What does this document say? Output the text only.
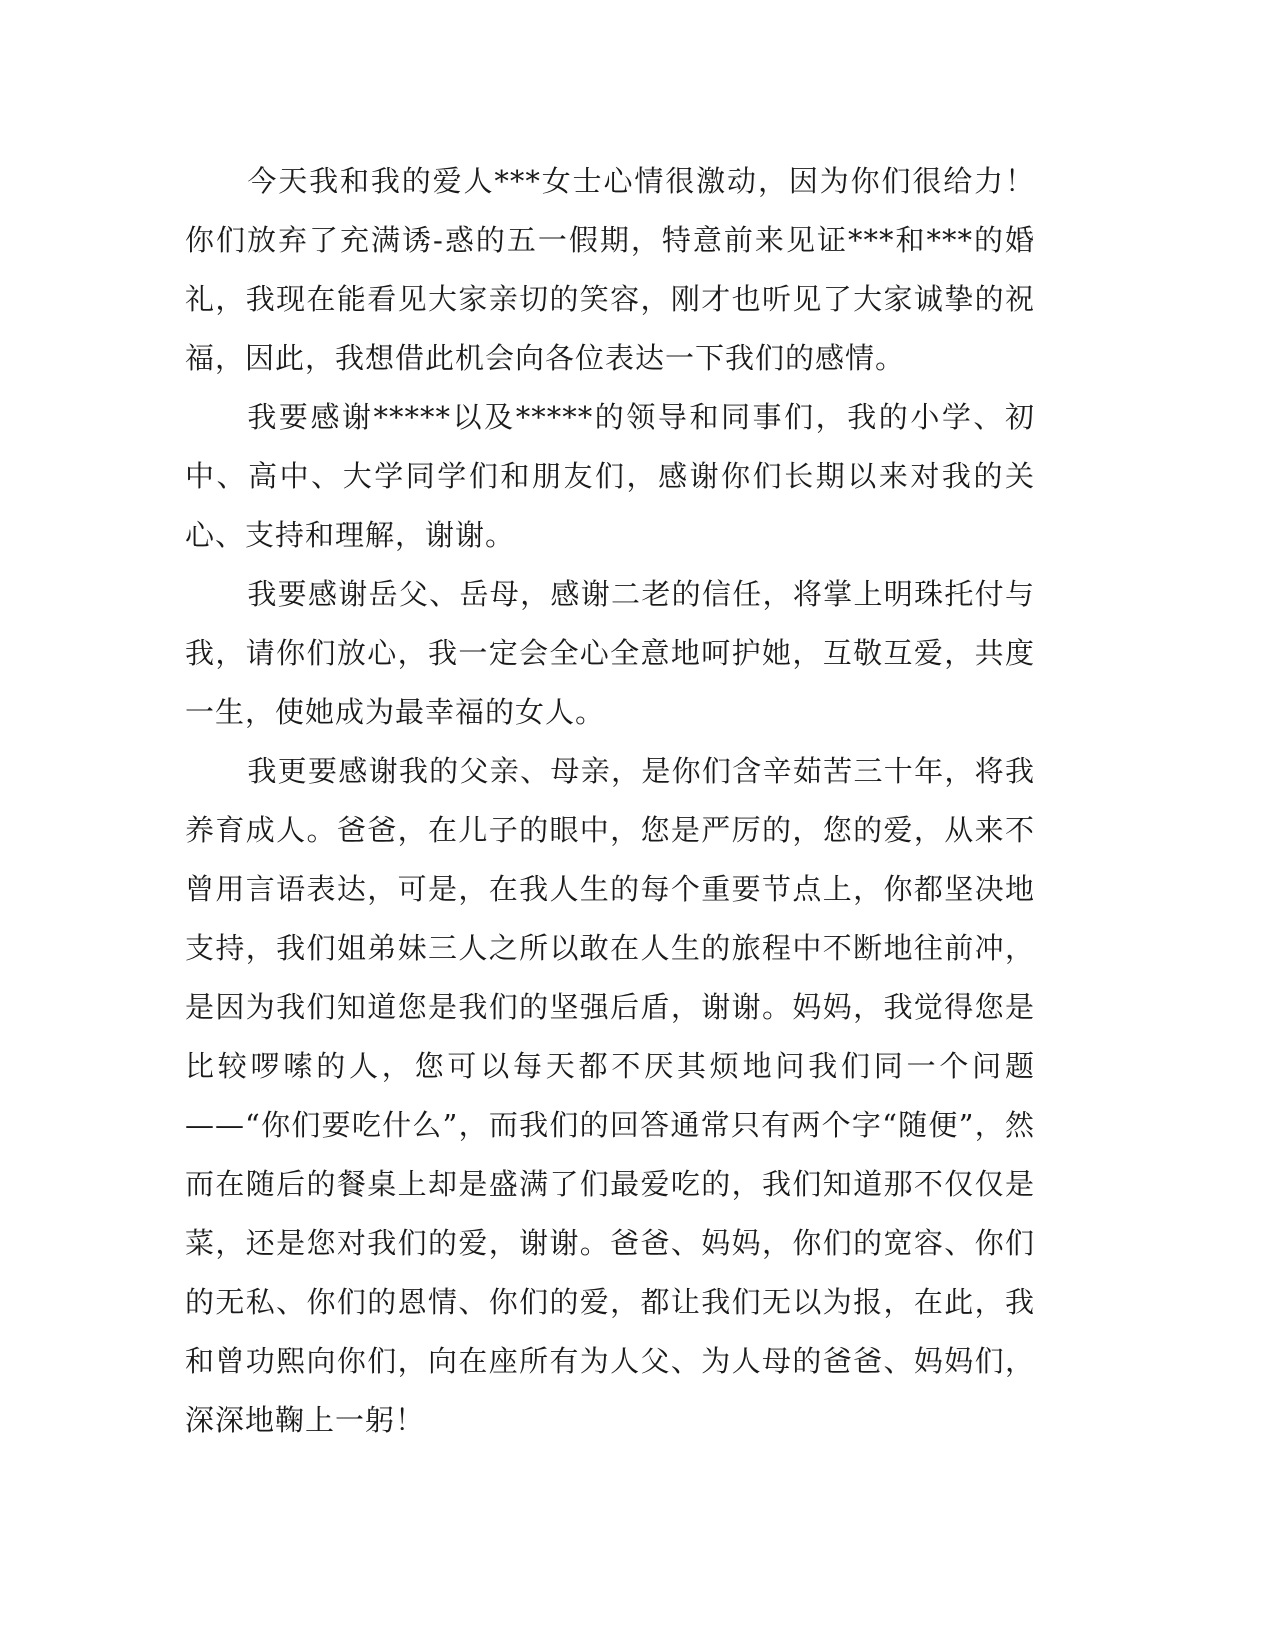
今天我和我的爱人***女士心情很激动，因为你们很给力！你们放弃了充满诱-惑的五一假期，特意前来见证***和***的婚礼，我现在能看见大家亲切的笑容，刚才也听见了大家诚挚的祝福，因此，我想借此机会向各位表达一下我们的感情。

我要感谢*****以及*****的领导和同事们，我的小学、初中、高中、大学同学们和朋友们，感谢你们长期以来对我的关心、支持和理解，谢谢。

我要感谢岳父、岳母，感谢二老的信任，将掌上明珠托付与我，请你们放心，我一定会全心全意地呵护她，互敬互爱，共度一生，使她成为最幸福的女人。

我更要感谢我的父亲、母亲，是你们含辛茹苦三十年，将我养育成人。爸爸，在儿子的眼中，您是严厉的，您的爱，从来不曾用言语表达，可是，在我人生的每个重要节点上，你都坚决地支持，我们姐弟妹三人之所以敢在人生的旅程中不断地往前冲，是因为我们知道您是我们的坚强后盾，谢谢。妈妈，我觉得您是比较啰嗦的人，您可以每天都不厌其烦地问我们同一个问题——“你们要吃什么”，而我们的回答通常只有两个字“随便”，然而在随后的餐桌上却是盛满了们最爱吃的，我们知道那不仅仅是菜，还是您对我们的爱，谢谢。爸爸、妈妈，你们的宽容、你们的无私、你们的恩情、你们的爱，都让我们无以为报，在此，我和曾功熙向你们，向在座所有为人父、为人母的爸爸、妈妈们，深深地鞠上一躬！
